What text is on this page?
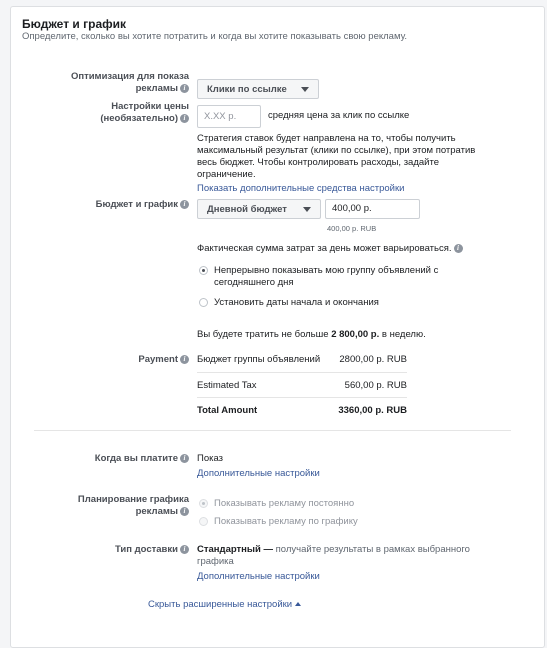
Бюджет и график
Определите, сколько вы хотите потратить и когда вы хотите показывать свою рекламу.
Оптимизация для показа
рекламы i	Клики по ссылке
Настройки цены
(необязательно) i	X.XX р.	средняя цена за клик по ссылке
Стратегия ставок будет направлена на то, чтобы получить
максимальный результат (клики по ссылке), при этом потратив
весь бюджет. Чтобы контролировать расходы, задайте
ограничение.
Показать дополнительные средства настройки
Бюджет и график i
Дневной бюджет	400,00 р.
400,00 р. RUB
Фактическая сумма затрат за день может варьироваться. i
Непрерывно показывать мою группу объявлений с
сегодняшнего дня
Установить даты начала и окончания
Вы будете тратить не больше 2 800,00 р. в неделю.
Payment i	Бюджет группы объявлений 2800,00 р. RUB
Estimated Tax	560,00 р. RUB
Total Amount	3360,00 р. RUB
Когда вы платите i	Показ
Дополнительные настройки
Планирование графика
рекламы i
Показывать рекламу постоянно
Показывать рекламу по графику
Тип доставки i	Стандартный — получайте результаты в рамках выбранного
графика
Дополнительные настройки
Скрыть расширенные настройки
